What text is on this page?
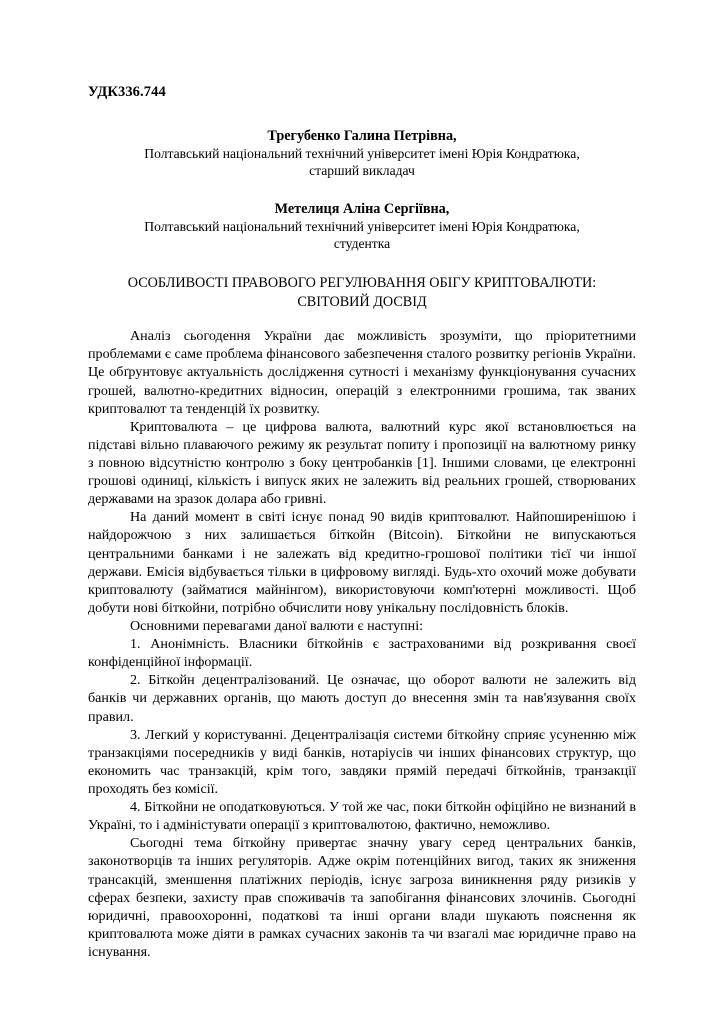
УДК336.744
Трегубенко Галина Петрівна,
Полтавський національний технічний університет імені Юрія Кондратюка,
старший викладач
Метелиця Аліна Сергіївна,
Полтавський національний технічний університет імені Юрія Кондратюка,
студентка
ОСОБЛИВОСТІ ПРАВОВОГО РЕГУЛЮВАННЯ ОБІГУ КРИПТОВАЛЮТИ:
СВІТОВИЙ ДОСВІД

Аналіз сьогодення України дає можливість зрозуміти, що пріоритетними проблемами є саме проблема фінансового забезпечення сталого розвитку регіонів України. Це обґрунтовує актуальність дослідження сутності і механізму функціонування сучасних грошей, валютно-кредитних відносин, операцій з електронними грошима, так званих криптовалют та тенденцій їх розвитку.

Криптовалюта – це цифрова валюта, валютний курс якої встановлюється на підставі вільно плаваючого режиму як результат попиту і пропозиції на валютному ринку з повною відсутністю контролю з боку центробанків [1]. Іншими словами, це електронні грошові одиниці, кількість і випуск яких не залежить від реальних грошей, створюваних державами на зразок долара або гривні.

На даний момент в світі існує понад 90 видів криптовалют. Найпоширенішою і найдорожчою з них залишається біткойн (Bitcoin). Біткойни не випускаються центральними банками і не залежать від кредитно-грошової політики тієї чи іншої держави. Емісія відбувається тільки в цифровому вигляді. Будь-хто охочий може добувати криптовалюту (займатися майнінгом), використовуючи комп'ютерні можливості. Щоб добути нові біткойни, потрібно обчислити нову унікальну послідовність блоків.

Основними перевагами даної валюти є наступні:

1. Анонімність. Власники біткойнів є застрахованими від розкривання своєї конфіденційної інформації.

2. Біткойн децентралізований. Це означає, що оборот валюти не залежить від банків чи державних органів, що мають доступ до внесення змін та нав'язування своїх правил.

3. Легкий у користуванні. Децентралізація системи біткойну сприяє усуненню між транзакціями посередників у виді банків, нотаріусів чи інших фінансових структур, що економить час транзакцій, крім того, завдяки прямій передачі біткойнів, транзакції проходять без комісії.

4. Біткойни не оподатковуються. У той же час, поки біткойн офіційно не визнаний в Україні, то і адміністувати операції з криптовалютою, фактично, неможливо.

Сьогодні тема біткойну привертає значну увагу серед центральних банків, законотворців та інших регуляторів. Адже окрім потенційних вигод, таких як зниження трансакцій, зменшення платіжних періодів, існує загроза виникнення ряду ризиків у сферах безпеки, захисту прав споживачів та запобігання фінансових злочинів. Сьогодні юридичні, правоохоронні, податкові та інші органи влади шукають пояснення як криптовалюта може діяти в рамках сучасних законів та чи взагалі має юридичне право на існування.
